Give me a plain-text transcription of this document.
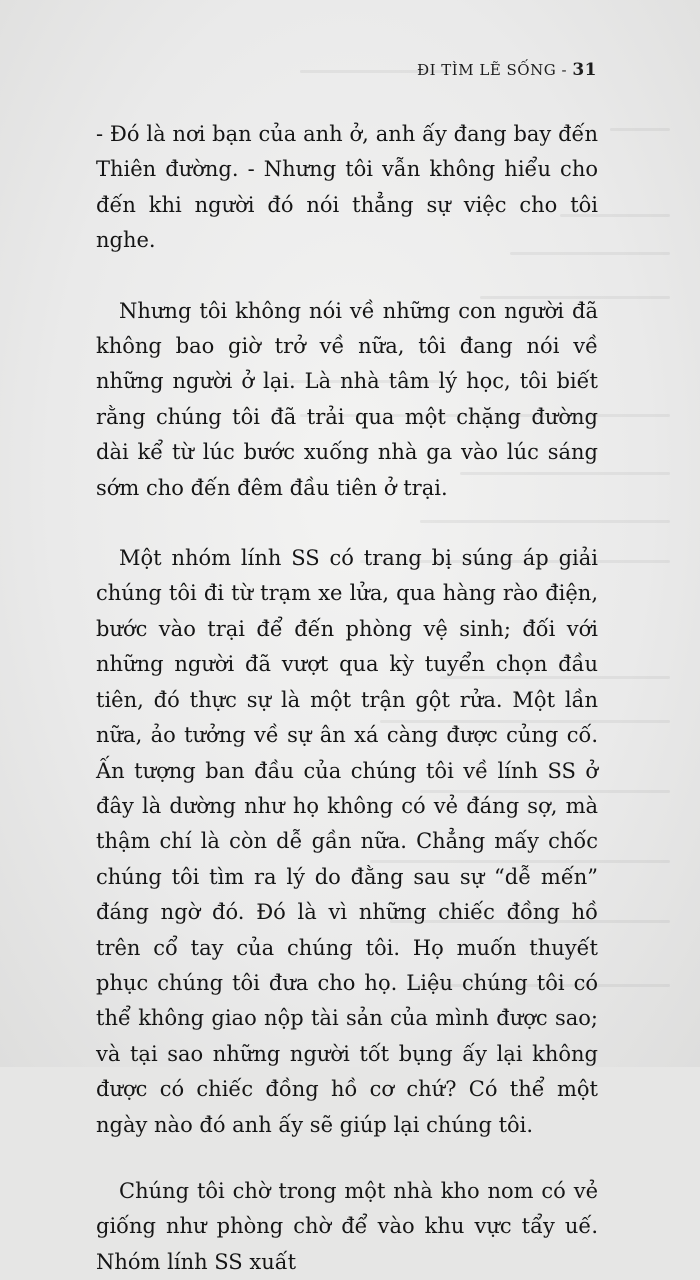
ĐI TÌM LẼ SỐNG - 31

- Đó là nơi bạn của anh ở, anh ấy đang bay đến Thiên đường. - Nhưng tôi vẫn không hiểu cho đến khi người đó nói thẳng sự việc cho tôi nghe.

Nhưng tôi không nói về những con người đã không bao giờ trở về nữa, tôi đang nói về những người ở lại. Là nhà tâm lý học, tôi biết rằng chúng tôi đã trải qua một chặng đường dài kể từ lúc bước xuống nhà ga vào lúc sáng sớm cho đến đêm đầu tiên ở trại.

Một nhóm lính SS có trang bị súng áp giải chúng tôi đi từ trạm xe lửa, qua hàng rào điện, bước vào trại để đến phòng vệ sinh; đối với những người đã vượt qua kỳ tuyển chọn đầu tiên, đó thực sự là một trận gột rửa. Một lần nữa, ảo tưởng về sự ân xá càng được củng cố. Ấn tượng ban đầu của chúng tôi về lính SS ở đây là dường như họ không có vẻ đáng sợ, mà thậm chí là còn dễ gần nữa. Chẳng mấy chốc chúng tôi tìm ra lý do đằng sau sự “dễ mến” đáng ngờ đó. Đó là vì những chiếc đồng hồ trên cổ tay của chúng tôi. Họ muốn thuyết phục chúng tôi đưa cho họ. Liệu chúng tôi có thể không giao nộp tài sản của mình được sao; và tại sao những người tốt bụng ấy lại không được có chiếc đồng hồ cơ chứ? Có thể một ngày nào đó anh ấy sẽ giúp lại chúng tôi.

Chúng tôi chờ trong một nhà kho nom có vẻ giống như phòng chờ để vào khu vực tẩy uế. Nhóm lính SS xuất
